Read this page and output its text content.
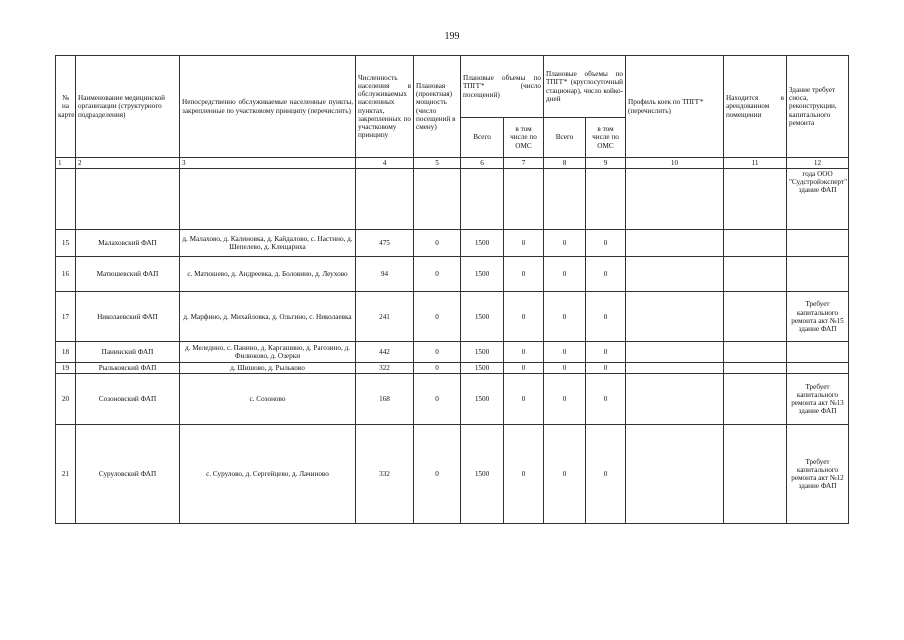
199
№ на карте	Наименование медицинской организации (структурного подразделения)	Непосредственно обслуживаемые населенные пункты, закрепленные по участковому принципу (перечислить)	Численность населения в обслуживаемых населенных пунктах, закрепленных по участковому принципу	Плановая (проектная) мощность (число посещений в смену)	Плановые объемы по ТПГГ* (число посещений)		Плановые объемы по ТПГГ* (круглосуточный стационар), число койко-дней		Профиль коек по ТПГГ* (перечислить)	Находится в арендованном помещении	Здание требует сноса, реконструкции, капитального ремонта
					Всего	в том числе по ОМС	Всего	в том числе по ОМС			
1	2	3	4	5	6	7	8	9	10	11	12
											года ООО "Судстройэксперт" здание ФАП
15	Малаховский ФАП	д. Малахово, д. Калиновка, д. Кайдалово, с. Настино, д. Шепелево, д. Клещариха	475	0	1500	0	0	0			
16	Матюшевский ФАП	с. Матюшево, д. Андреевка, д. Боловино, д. Леухово	94	0	1500	0	0	0			
17	Николаевский ФАП	д. Марфино, д. Михайловка, д. Ольгино, с. Николаевка	241	0	1500	0	0	0			Требует капитального ремонта акт №15 здание ФАП
18	Панинский ФАП	д. Меледино, с. Панино, д. Каргашино, д. Рагозино, д. Филюково, д. Озерки	442	0	1500	0	0	0			
19	Рыльковский ФАП	д. Шишово, д. Рыльково	322	0	1500	0	0	0			
20	Созоновский ФАП	с. Созоново	168	0	1500	0	0	0			Требует капитального ремонта акт №13 здание ФАП
21	Суруловский ФАП	с. Сурулово, д. Сергейцево, д. Лачиново	332	0	1500	0	0	0			Требует капитального ремонта акт №12 здание ФАП
